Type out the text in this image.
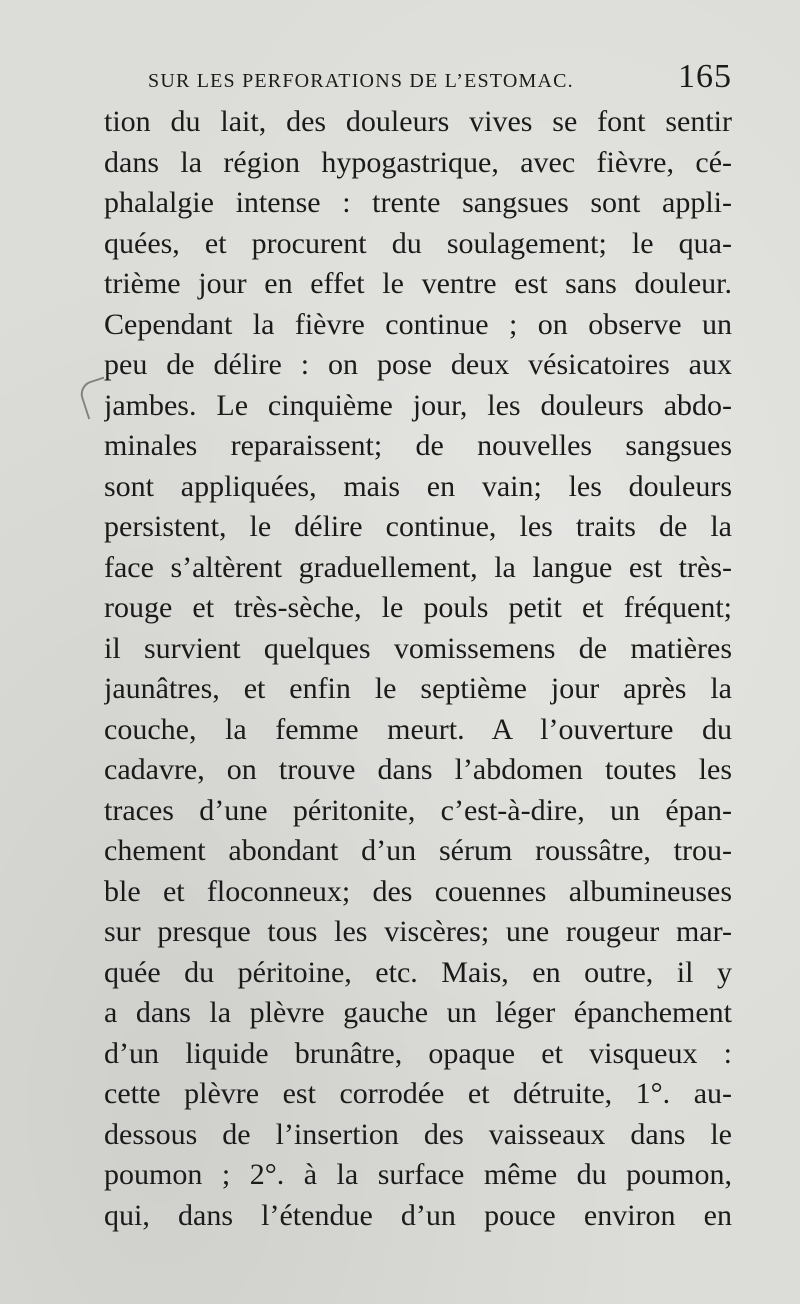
SUR LES PERFORATIONS DE L’ESTOMAC.	165
tion du lait, des douleurs vives se font sentir
dans la région hypogastrique, avec fièvre, cé-
phalalgie intense : trente sangsues sont appli-
quées, et procurent du soulagement; le qua-
trième jour en effet le ventre est sans douleur.
Cependant la fièvre continue ; on observe un
peu de délire : on pose deux vésicatoires aux
jambes. Le cinquième jour, les douleurs abdo-
minales reparaissent; de nouvelles sangsues
sont appliquées, mais en vain; les douleurs
persistent, le délire continue, les traits de la
face s’altèrent graduellement, la langue est très-
rouge et très-sèche, le pouls petit et fréquent;
il survient quelques vomissemens de matières
jaunâtres, et enfin le septième jour après la
couche, la femme meurt. A l’ouverture du
cadavre, on trouve dans l’abdomen toutes les
traces d’une péritonite, c’est-à-dire, un épan-
chement abondant d’un sérum roussâtre, trou-
ble et floconneux; des couennes albumineuses
sur presque tous les viscères; une rougeur mar-
quée du péritoine, etc. Mais, en outre, il y
a dans la plèvre gauche un léger épanchement
d’un liquide brunâtre, opaque et visqueux :
cette plèvre est corrodée et détruite, 1°. au-
dessous de l’insertion des vaisseaux dans le
poumon ; 2°. à la surface même du poumon,
qui, dans l’étendue d’un pouce environ en
